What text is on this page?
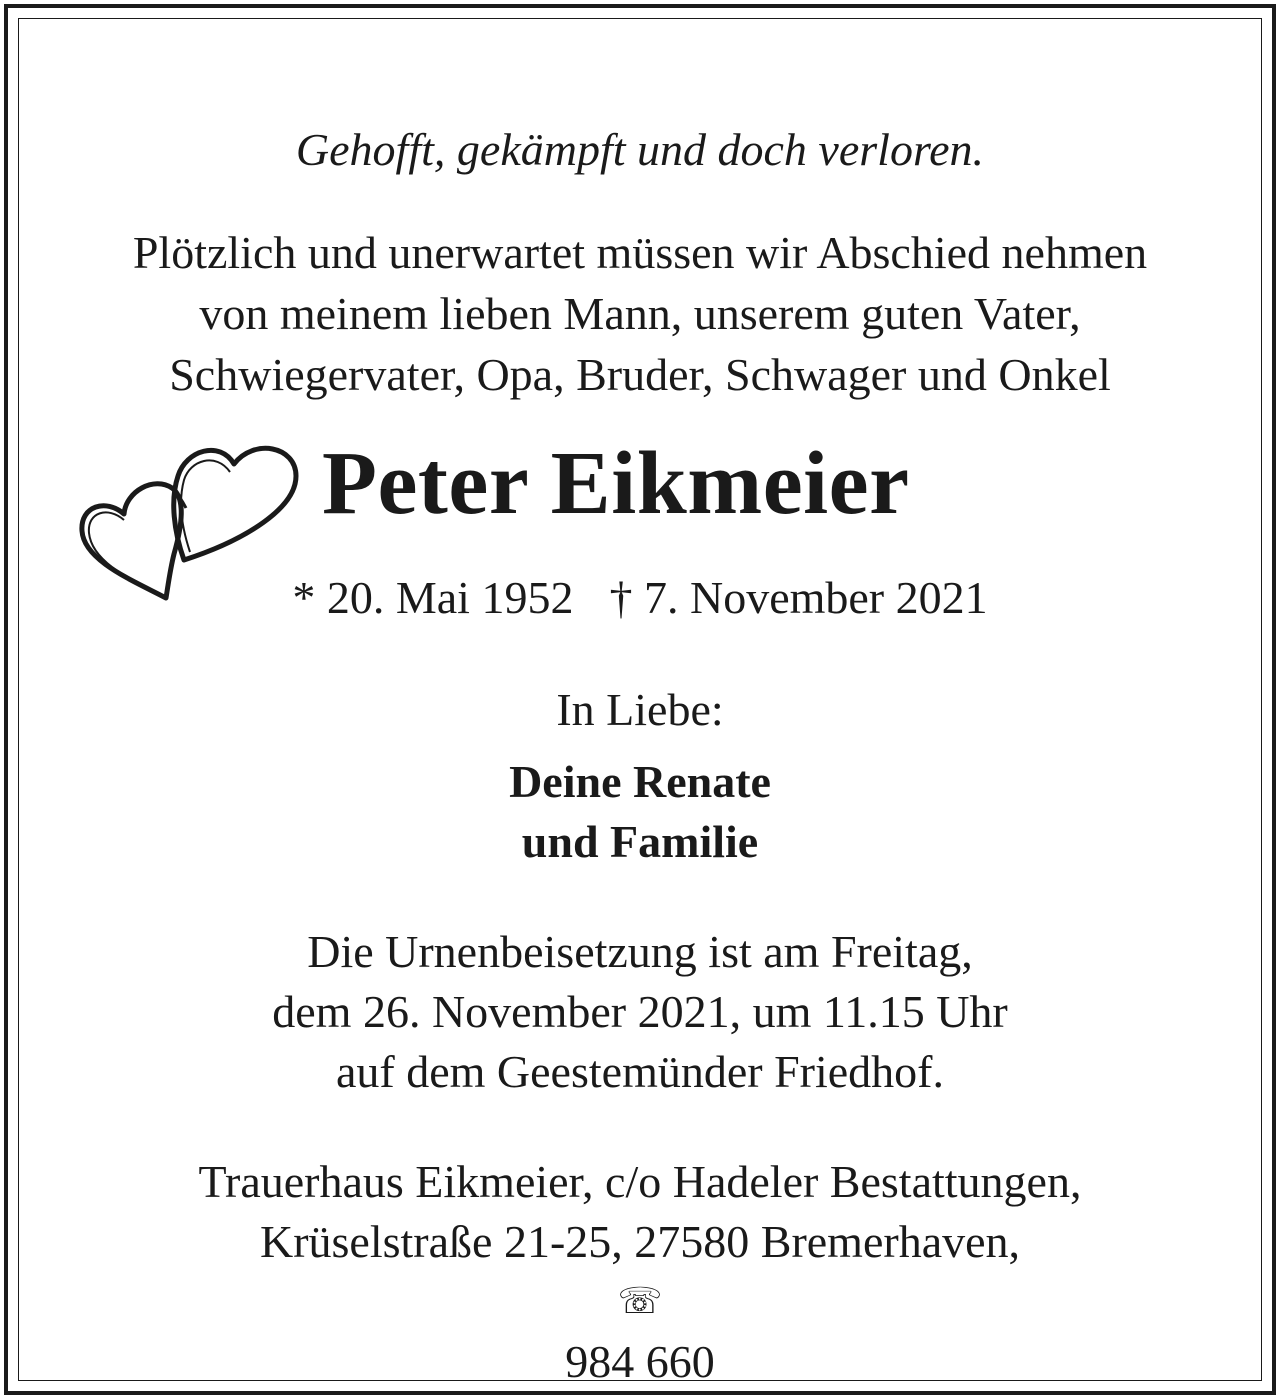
Gehofft, gekämpft und doch verloren.
Plötzlich und unerwartet müssen wir Abschied nehmen
von meinem lieben Mann, unserem guten Vater,
Schwiegervater, Opa, Bruder, Schwager und Onkel
Peter Eikmeier
* 20. Mai 1952 † 7. November 2021
In Liebe:
Deine Renate
und Familie
Die Urnenbeisetzung ist am Freitag,
dem 26. November 2021, um 11.15 Uhr
auf dem Geestemünder Friedhof.
Trauerhaus Eikmeier, c/o Hadeler Bestattungen,
Krüselstraße 21-25, 27580 Bremerhaven,
☏
984 660
